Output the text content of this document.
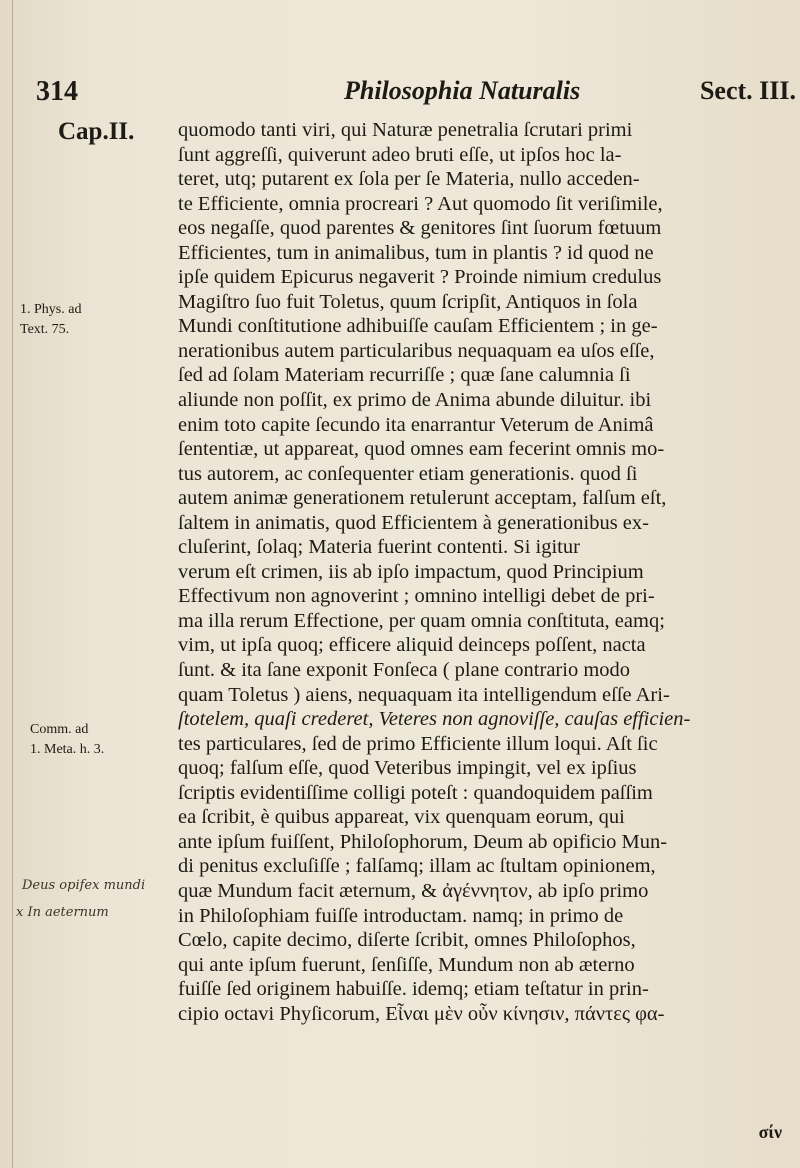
314	Philosophia Naturalis	Sect. III.
Cap.II.
1. Phys. ad
Text. 75.
Comm. ad
1. Meta. h. 3.
Deus opifex mundi
x In aeternum
quomodo tanti viri, qui Naturæ penetralia ſcrutari primi
ſunt aggreſſi, quiverunt adeo bruti eſſe, ut ipſos hoc la-
teret, utq; putarent ex ſola per ſe Materia, nullo acceden-
te Efficiente, omnia procreari ? Aut quomodo ſit veriſimile,
eos negaſſe, quod parentes & genitores ſint ſuorum fœtuum
Efficientes, tum in animalibus, tum in plantis ? id quod ne
ipſe quidem Epicurus negaverit ? Proinde nimium credulus
Magiſtro ſuo fuit Toletus, quum ſcripſit, Antiquos in ſola
Mundi conſtitutione adhibuiſſe cauſam Efficientem ; in ge-
nerationibus autem particularibus nequaquam ea uſos eſſe,
ſed ad ſolam Materiam recurriſſe ; quæ ſane calumnia ſi
aliunde non poſſit, ex primo de Anima abunde diluitur. ibi
enim toto capite ſecundo ita enarrantur Veterum de Animâ
ſententiæ, ut appareat, quod omnes eam fecerint omnis mo-
tus autorem, ac conſequenter etiam generationis. quod ſi
autem animæ generationem retulerunt acceptam, falſum eſt,
ſaltem in animatis, quod Efficientem à generationibus ex-
cluſerint, ſolaq; Materia fuerint contenti. Si igitur
verum eſt crimen, iis ab ipſo impactum, quod Principium
Effectivum non agnoverint ; omnino intelligi debet de pri-
ma illa rerum Effectione, per quam omnia conſtituta, eamq;
vim, ut ipſa quoq; efficere aliquid deinceps poſſent, nacta
ſunt. & ita ſane exponit Fonſeca ( plane contrario modo
quam Toletus ) aiens, nequaquam ita intelligendum eſſe Ari-
ſtotelem, quaſi crederet, Veteres non agnoviſſe, cauſas efficien-
tes particulares, ſed de primo Efficiente illum loqui. Aſt ſic
quoq; falſum eſſe, quod Veteribus impingit, vel ex ipſius
ſcriptis evidentiſſime colligi poteſt : quandoquidem paſſim
ea ſcribit, è quibus appareat, vix quenquam eorum, qui
ante ipſum fuiſſent, Philoſophorum, Deum ab opificio Mun-
di penitus excluſiſſe ; falſamq; illam ac ſtultam opinionem,
quæ Mundum facit æternum, & ἀγέννητον, ab ipſo primo
in Philoſophiam fuiſſe introductam. namq; in primo de
Cœlo, capite decimo, diſerte ſcribit, omnes Philoſophos,
qui ante ipſum fuerunt, ſenſiſſe, Mundum non ab æterno
fuiſſe ſed originem habuiſſe. idemq; etiam teſtatur in prin-
cipio octavi Phyſicorum, Εἶναι μὲν οὖν κίνησιν, πάντες φα-
σίν
